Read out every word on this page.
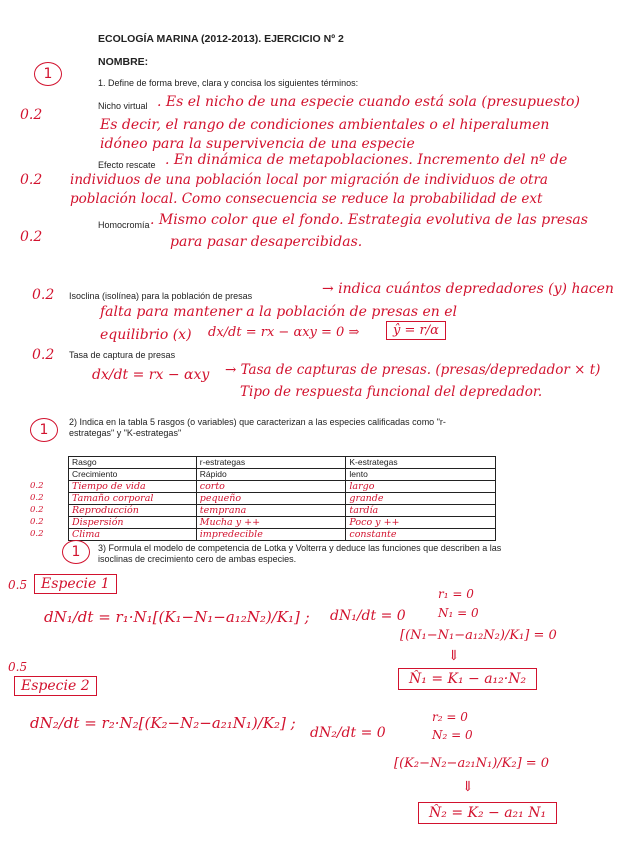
ECOLOGÍA MARINA (2012-2013). EJERCICIO Nº 2
NOMBRE:
1
1. Define de forma breve, clara y concisa los siguientes términos:
0.2
Nicho virtual . Es el nicho de una especie cuando está sola (presupuesto)
Es decir, el rango de condiciones ambientales o el hiperalumen
idóneo para la supervivencia de una especie
0.2
Efecto rescate . En dinámica de metapoblaciones. Incremento del nº de
individuos de una población local por migración de individuos de otra
población local. Como consecuencia se reduce la probabilidad de ext
0.2
Homocromía . Mismo color que el fondo. Estrategia evolutiva de las presas
para pasar desapercibidas.
0.2 Isoclina (isolínea) para la población de presas	→ indica cuántos depredadores (y) hacen
falta para mantener a la población de presas en el
equilibrio (x) dx/dt = rx − αxy = 0 ⇒	ŷ = r/α
0.2 Tasa de captura de presas
dx/dt = rx − αxy → Tasa de capturas de presas. (presas/depredador × t)
Tipo de respuesta funcional del depredador.
1	2) Indica en la tabla 5 rasgos (o variables) que caracterizan a las especies calificadas como "r-
estrategas" y "K-estrategas"
0.2
0.2
0.2
0.2
0.2
Rasgo	r-estrategas	K-estrategas
Crecimiento	Rápido	lento
Tiempo de vida	corto	largo
Tamaño corporal	pequeño	grande
Reproducción	temprana	tardía
Dispersión	Mucha y ++	Poco y ++
Clima	impredecible	constante
1	3) Formula el modelo de competencia de Lotka y Volterra y deduce las funciones que describen a las
isoclinas de crecimiento cero de ambas especies.
0.5 Especie 1
dN₁/dt = r₁·N₁[(K₁−N₁−a₁₂N₂)/K₁] ; dN₁/dt = 0
r₁ = 0
N₁ = 0
[(N₁−N₁−a₁₂N₂)/K₁] = 0
⇓
N̂₁ = K₁ − a₁₂·N₂
0.5
Especie 2
dN₂/dt = r₂·N₂[(K₂−N₂−a₂₁N₁)/K₂] ;
dN₂/dt = 0
r₂ = 0
N₂ = 0
[(K₂−N₂−a₂₁N₁)/K₂] = 0
⇓
N̂₂ = K₂ − a₂₁ N₁
